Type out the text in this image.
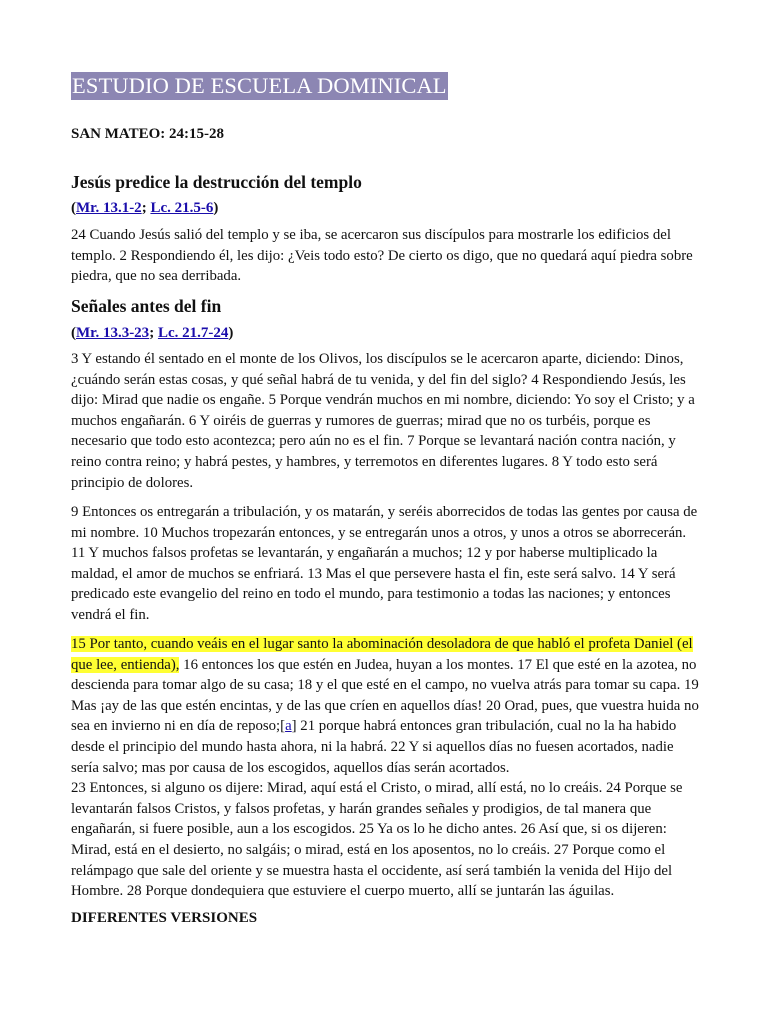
ESTUDIO DE ESCUELA DOMINICAL
SAN MATEO: 24:15-28
Jesús predice la destrucción del templo
(Mr. 13.1-2; Lc. 21.5-6)

24 Cuando Jesús salió del templo y se iba, se acercaron sus discípulos para mostrarle los edificios del templo. 2 Respondiendo él, les dijo: ¿Veis todo esto? De cierto os digo, que no quedará aquí piedra sobre piedra, que no sea derribada.

Señales antes del fin
(Mr. 13.3-23; Lc. 21.7-24)

3 Y estando él sentado en el monte de los Olivos, los discípulos se le acercaron aparte, diciendo: Dinos, ¿cuándo serán estas cosas, y qué señal habrá de tu venida, y del fin del siglo? 4 Respondiendo Jesús, les dijo: Mirad que nadie os engañe. 5 Porque vendrán muchos en mi nombre, diciendo: Yo soy el Cristo; y a muchos engañarán. 6 Y oiréis de guerras y rumores de guerras; mirad que no os turbéis, porque es necesario que todo esto acontezca; pero aún no es el fin. 7 Porque se levantará nación contra nación, y reino contra reino; y habrá pestes, y hambres, y terremotos en diferentes lugares. 8 Y todo esto será principio de dolores.

9 Entonces os entregarán a tribulación, y os matarán, y seréis aborrecidos de todas las gentes por causa de mi nombre. 10 Muchos tropezarán entonces, y se entregarán unos a otros, y unos a otros se aborrecerán. 11 Y muchos falsos profetas se levantarán, y engañarán a muchos; 12 y por haberse multiplicado la maldad, el amor de muchos se enfriará. 13 Mas el que persevere hasta el fin, este será salvo. 14 Y será predicado este evangelio del reino en todo el mundo, para testimonio a todas las naciones; y entonces vendrá el fin.

15 Por tanto, cuando veáis en el lugar santo la abominación desoladora de que habló el profeta Daniel (el que lee, entienda), 16 entonces los que estén en Judea, huyan a los montes. 17 El que esté en la azotea, no descienda para tomar algo de su casa; 18 y el que esté en el campo, no vuelva atrás para tomar su capa. 19 Mas ¡ay de las que estén encintas, y de las que críen en aquellos días! 20 Orad, pues, que vuestra huida no sea en invierno ni en día de reposo;[a] 21 porque habrá entonces gran tribulación, cual no la ha habido desde el principio del mundo hasta ahora, ni la habrá. 22 Y si aquellos días no fuesen acortados, nadie sería salvo; mas por causa de los escogidos, aquellos días serán acortados.
23 Entonces, si alguno os dijere: Mirad, aquí está el Cristo, o mirad, allí está, no lo creáis. 24 Porque se levantarán falsos Cristos, y falsos profetas, y harán grandes señales y prodigios, de tal manera que engañarán, si fuere posible, aun a los escogidos. 25 Ya os lo he dicho antes. 26 Así que, si os dijeren: Mirad, está en el desierto, no salgáis; o mirad, está en los aposentos, no lo creáis. 27 Porque como el relámpago que sale del oriente y se muestra hasta el occidente, así será también la venida del Hijo del Hombre. 28 Porque dondequiera que estuviere el cuerpo muerto, allí se juntarán las águilas.

DIFERENTES VERSIONES
